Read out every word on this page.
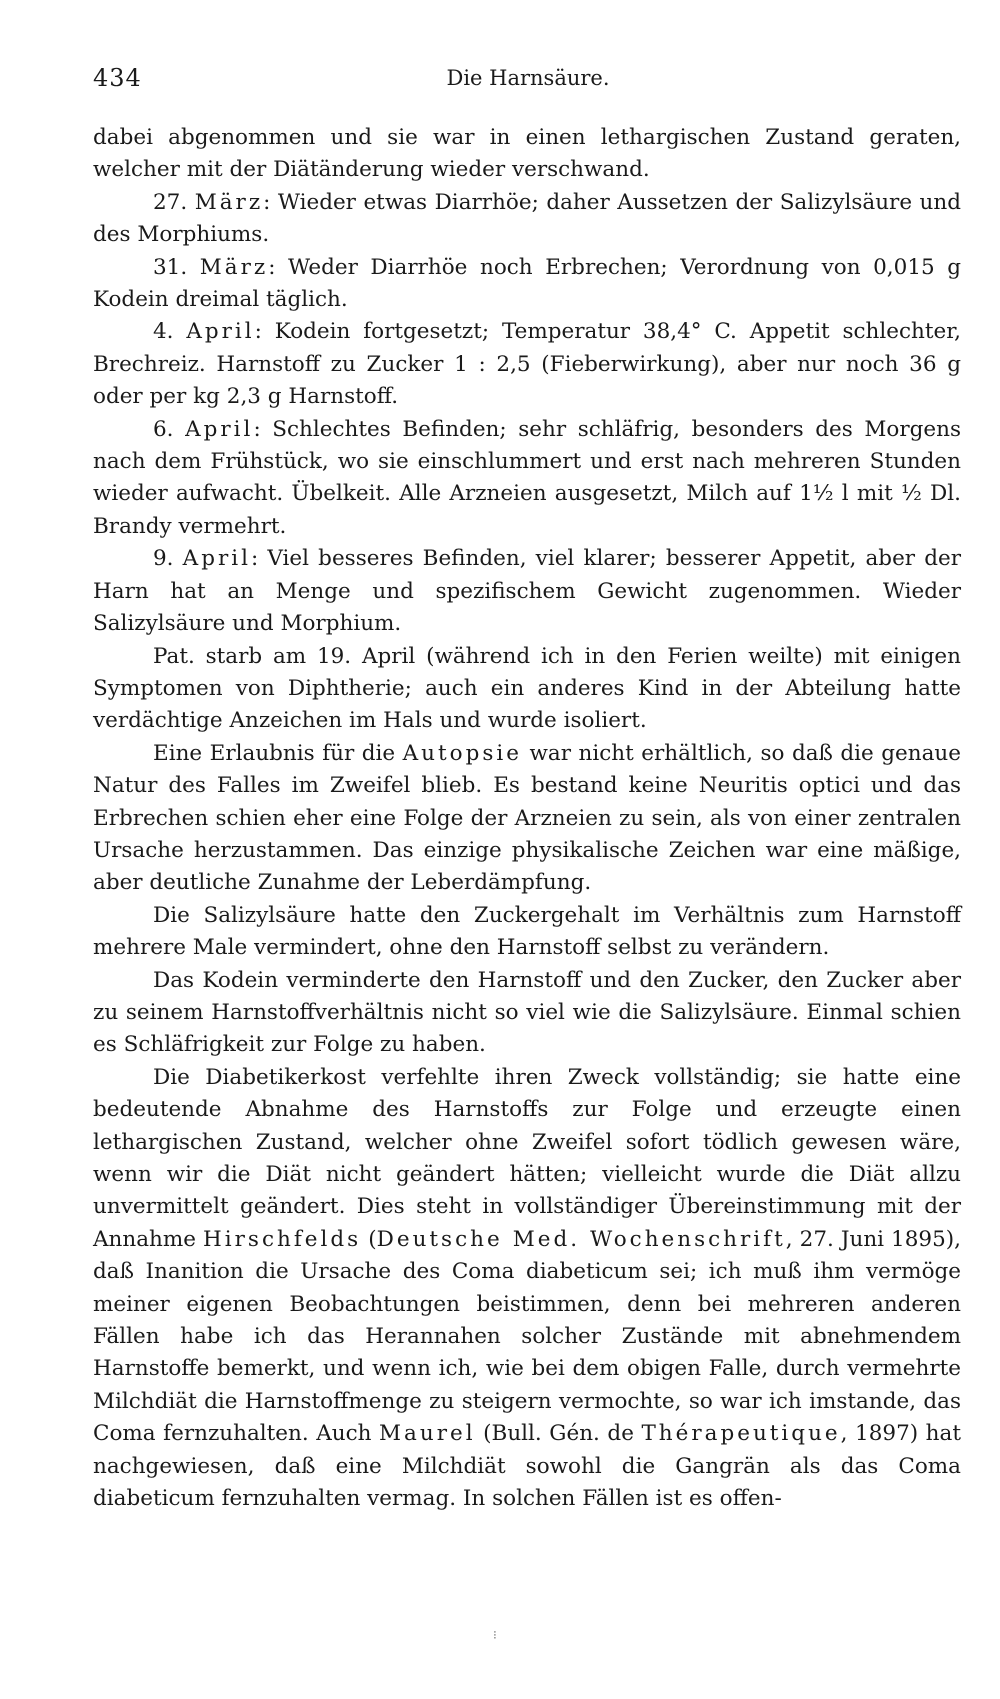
434	Die Harnsäure.

dabei abgenommen und sie war in einen lethargischen Zustand geraten, welcher mit der Diätänderung wieder verschwand.

27. März: Wieder etwas Diarrhöe; daher Aussetzen der Salizylsäure und des Morphiums.

31. März: Weder Diarrhöe noch Erbrechen; Verordnung von 0,015 g Kodein dreimal täglich.

4. April: Kodein fortgesetzt; Temperatur 38,4° C. Appetit schlechter, Brechreiz. Harnstoff zu Zucker 1 : 2,5 (Fieberwirkung), aber nur noch 36 g oder per kg 2,3 g Harnstoff.

6. April: Schlechtes Befinden; sehr schläfrig, besonders des Morgens nach dem Frühstück, wo sie einschlummert und erst nach mehreren Stunden wieder aufwacht. Übelkeit. Alle Arzneien ausgesetzt, Milch auf 1½ l mit ½ Dl. Brandy vermehrt.

9. April: Viel besseres Befinden, viel klarer; besserer Appetit, aber der Harn hat an Menge und spezifischem Gewicht zugenommen. Wieder Salizylsäure und Morphium.

Pat. starb am 19. April (während ich in den Ferien weilte) mit einigen Symptomen von Diphtherie; auch ein anderes Kind in der Abteilung hatte verdächtige Anzeichen im Hals und wurde isoliert.

Eine Erlaubnis für die Autopsie war nicht erhältlich, so daß die genaue Natur des Falles im Zweifel blieb. Es bestand keine Neuritis optici und das Erbrechen schien eher eine Folge der Arzneien zu sein, als von einer zentralen Ursache herzustammen. Das einzige physikalische Zeichen war eine mäßige, aber deutliche Zunahme der Leberdämpfung.

Die Salizylsäure hatte den Zuckergehalt im Verhältnis zum Harnstoff mehrere Male vermindert, ohne den Harnstoff selbst zu verändern.

Das Kodein verminderte den Harnstoff und den Zucker, den Zucker aber zu seinem Harnstoffverhältnis nicht so viel wie die Salizylsäure. Einmal schien es Schläfrigkeit zur Folge zu haben.

Die Diabetikerkost verfehlte ihren Zweck vollständig; sie hatte eine bedeutende Abnahme des Harnstoffs zur Folge und erzeugte einen lethargischen Zustand, welcher ohne Zweifel sofort tödlich gewesen wäre, wenn wir die Diät nicht geändert hätten; vielleicht wurde die Diät allzu unvermittelt geändert. Dies steht in vollständiger Übereinstimmung mit der Annahme Hirschfelds (Deutsche Med. Wochenschrift, 27. Juni 1895), daß Inanition die Ursache des Coma diabeticum sei; ich muß ihm vermöge meiner eigenen Beobachtungen beistimmen, denn bei mehreren anderen Fällen habe ich das Herannahen solcher Zustände mit abnehmendem Harnstoffe bemerkt, und wenn ich, wie bei dem obigen Falle, durch vermehrte Milchdiät die Harnstoffmenge zu steigern vermochte, so war ich imstande, das Coma fernzuhalten. Auch Maurel (Bull. Gén. de Thérapeutique, 1897) hat nachgewiesen, daß eine Milchdiät sowohl die Gangrän als das Coma diabeticum fernzuhalten vermag. In solchen Fällen ist es offen-

⁝
